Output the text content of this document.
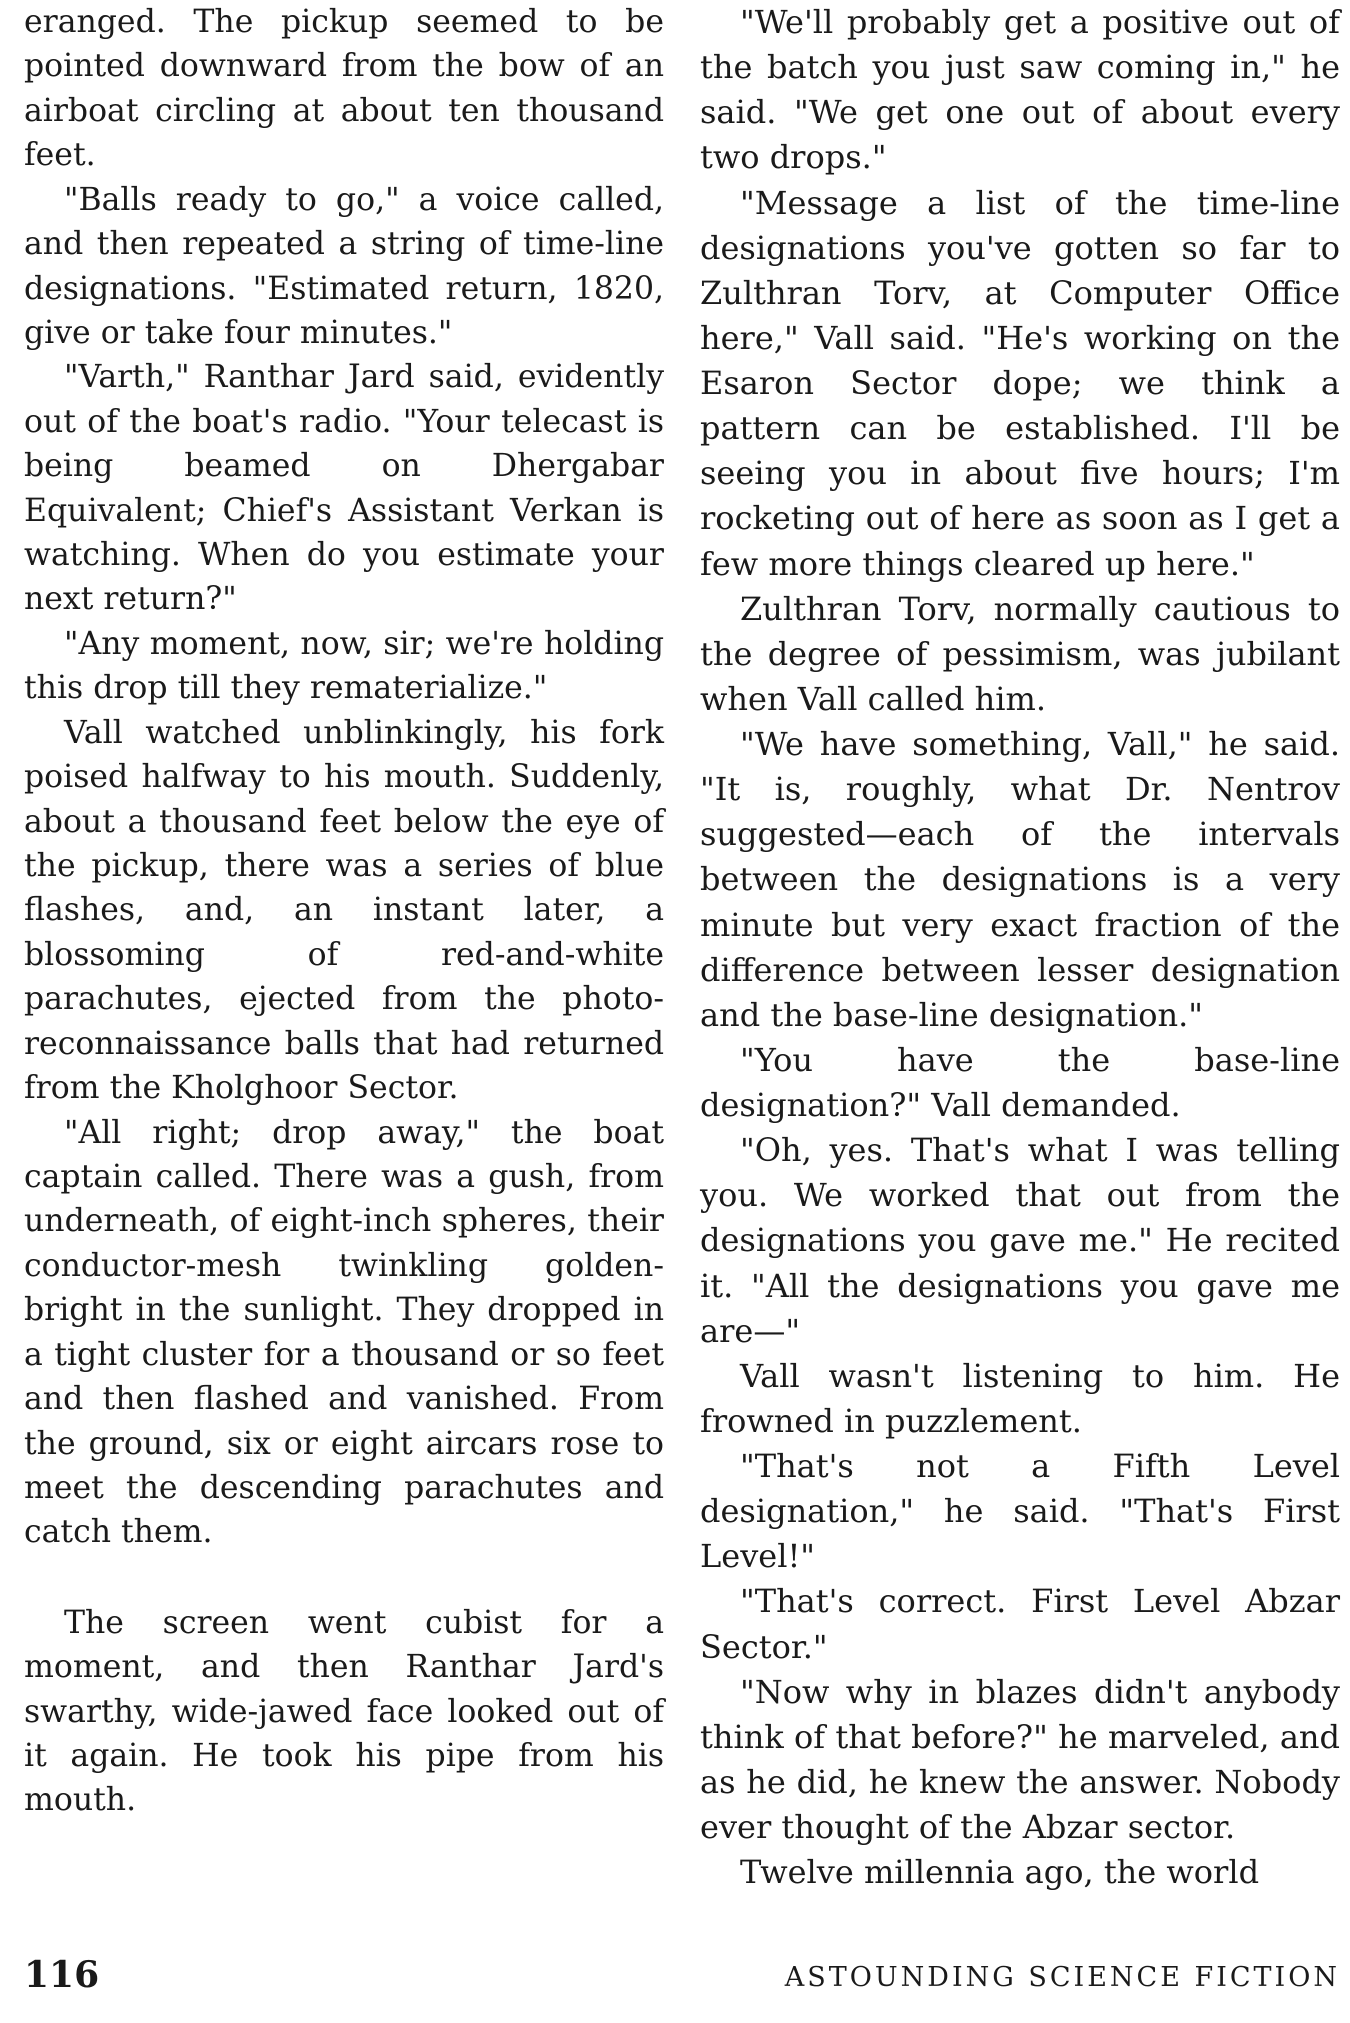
eranged. The pickup seemed to be pointed downward from the bow of an airboat circling at about ten thousand feet.

"Balls ready to go," a voice called, and then repeated a string of time-line designations. "Estimated return, 1820, give or take four minutes."

"Varth," Ranthar Jard said, evidently out of the boat's radio. "Your telecast is being beamed on Dhergabar Equivalent; Chief's Assistant Verkan is watching. When do you estimate your next return?"

"Any moment, now, sir; we're holding this drop till they rematerialize."

Vall watched unblinkingly, his fork poised halfway to his mouth. Suddenly, about a thousand feet below the eye of the pickup, there was a series of blue flashes, and, an instant later, a blossoming of red-and-white parachutes, ejected from the photo-reconnaissance balls that had returned from the Kholghoor Sector.

"All right; drop away," the boat captain called. There was a gush, from underneath, of eight-inch spheres, their conductor-mesh twinkling golden-bright in the sunlight. They dropped in a tight cluster for a thousand or so feet and then flashed and vanished. From the ground, six or eight aircars rose to meet the descending parachutes and catch them.

The screen went cubist for a moment, and then Ranthar Jard's swarthy, wide-jawed face looked out of it again. He took his pipe from his mouth.

"We'll probably get a positive out of the batch you just saw coming in," he said. "We get one out of about every two drops."

"Message a list of the time-line designations you've gotten so far to Zulthran Torv, at Computer Office here," Vall said. "He's working on the Esaron Sector dope; we think a pattern can be established. I'll be seeing you in about five hours; I'm rocketing out of here as soon as I get a few more things cleared up here."

Zulthran Torv, normally cautious to the degree of pessimism, was jubilant when Vall called him.

"We have something, Vall," he said. "It is, roughly, what Dr. Nentrov suggested—each of the intervals between the designations is a very minute but very exact fraction of the difference between lesser designation and the base-line designation."

"You have the base-line designation?" Vall demanded.

"Oh, yes. That's what I was telling you. We worked that out from the designations you gave me." He recited it. "All the designations you gave me are—"

Vall wasn't listening to him. He frowned in puzzlement.

"That's not a Fifth Level designation," he said. "That's First Level!"

"That's correct. First Level Abzar Sector."

"Now why in blazes didn't anybody think of that before?" he marveled, and as he did, he knew the answer. Nobody ever thought of the Abzar sector.

Twelve millennia ago, the world

116	ASTOUNDING SCIENCE FICTION
